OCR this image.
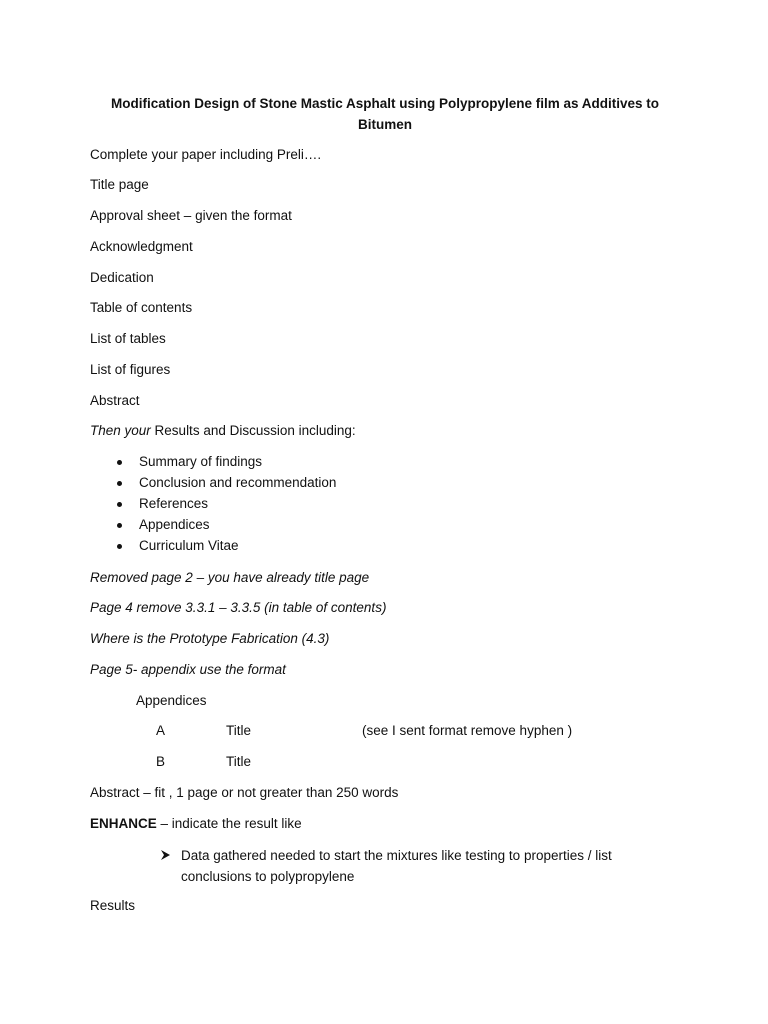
Modification Design of Stone Mastic Asphalt using Polypropylene film as Additives to Bitumen
Complete your paper including Preli….
Title page
Approval sheet – given the format
Acknowledgment
Dedication
Table of contents
List of tables
List of figures
Abstract
Then your Results and Discussion including:
Summary of findings
Conclusion and recommendation
References
Appendices
Curriculum Vitae
Removed page 2 – you have already title page
Page 4 remove 3.3.1 – 3.3.5 (in table of contents)
Where is the Prototype Fabrication (4.3)
Page 5- appendix use the format
Appendices
A	Title	(see I sent format remove hyphen )
B	Title
Abstract – fit , 1 page or not greater than 250 words
ENHANCE – indicate the result like
Data gathered needed to start the mixtures like testing to properties / list conclusions to polypropylene
Results
